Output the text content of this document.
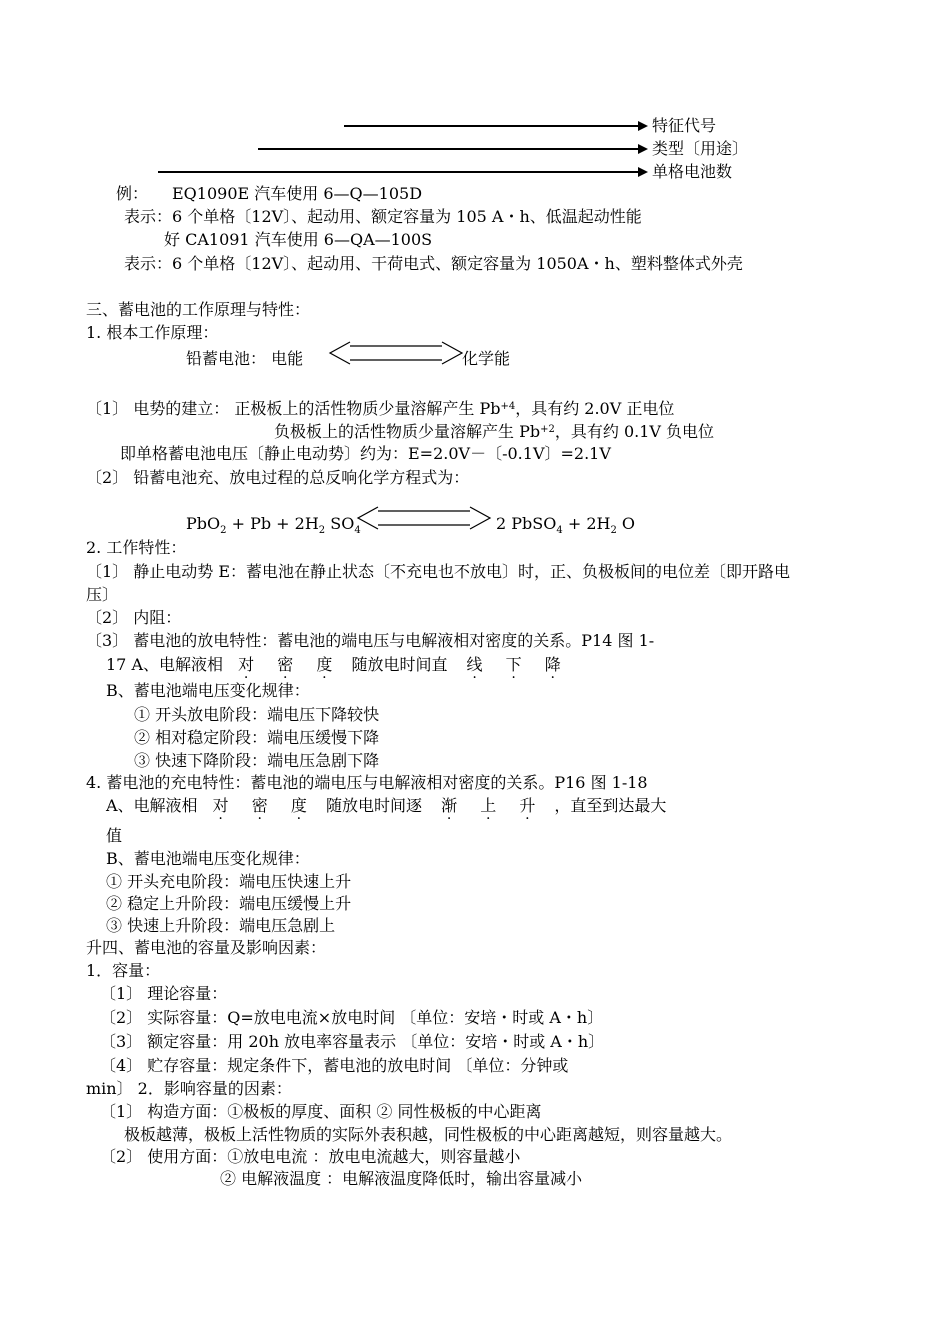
特征代号
类型〔用途〕
单格电池数
例： EQ1090E 汽车使用 6—Q—105D
表示：6 个单格〔12V〕、起动用、额定容量为 105 A・h、低温起动性能
好 CA1091 汽车使用 6—QA—100S
表示：6 个单格〔12V〕、起动用、干荷电式、额定容量为 1050A・h、塑料整体式外壳
三、蓄电池的工作原理与特性：
1. 根本工作原理：
铅蓄电池： 电能	化学能
〔1〕 电势的建立： 正极板上的活性物质少量溶解产生 $Pb^{+4}$，具有约 2.0V 正电位
负极板上的活性物质少量溶解产生 $Pb^{+2}$，具有约 0.1V 负电位
即单格蓄电池电压〔静止电动势〕约为：E=2.0V－〔-0.1V〕=2.1V
〔2〕 铅蓄电池充、放电过程的总反响化学方程式为：
$PbO_2 + Pb + 2H_2$ $SO_4$	2 PbSO$_4$ + $2H_2$ O
2. 工作特性：
〔1〕 静止电动势 E：蓄电池在静止状态〔不充电也不放电〕时，正、负极板间的电位差〔即开路电
压〕
〔2〕 内阻：
〔3〕 蓄电池的放电特性：蓄电池的端电压与电解液相对密度的关系。P14 图 1-
17 A、电解液相 对 密 度 随放电时间直 线 下 降
B、蓄电池端电压变化规律：
① 开头放电阶段：端电压下降较快
② 相对稳定阶段：端电压缓慢下降
③ 快速下降阶段：端电压急剧下降
4. 蓄电池的充电特性：蓄电池的端电压与电解液相对密度的关系。P16 图 1-18
A、电解液相 对 密 度 随放电时间逐 渐 上 升 ，直至到达最大
值
B、蓄电池端电压变化规律：
① 开头充电阶段：端电压快速上升
② 稳定上升阶段：端电压缓慢上升
③ 快速上升阶段：端电压急剧上
升四、蓄电池的容量及影响因素：
1．容量：
〔1〕 理论容量：
〔2〕 实际容量：Q=放电电流×放电时间 〔单位：安培・时或 A・h〕
〔3〕 额定容量：用 20h 放电率容量表示 〔单位：安培・时或 A・h〕
〔4〕 贮存容量：规定条件下，蓄电池的放电时间 〔单位：分钟或
min〕 2．影响容量的因素：
〔1〕 构造方面：①极板的厚度、面积 ② 同性极板的中心距离
极板越薄，极板上活性物质的实际外表积越，同性极板的中心距离越短，则容量越大。
〔2〕 使用方面：①放电电流 ：放电电流越大，则容量越小
② 电解液温度 ：电解液温度降低时，输出容量减小
